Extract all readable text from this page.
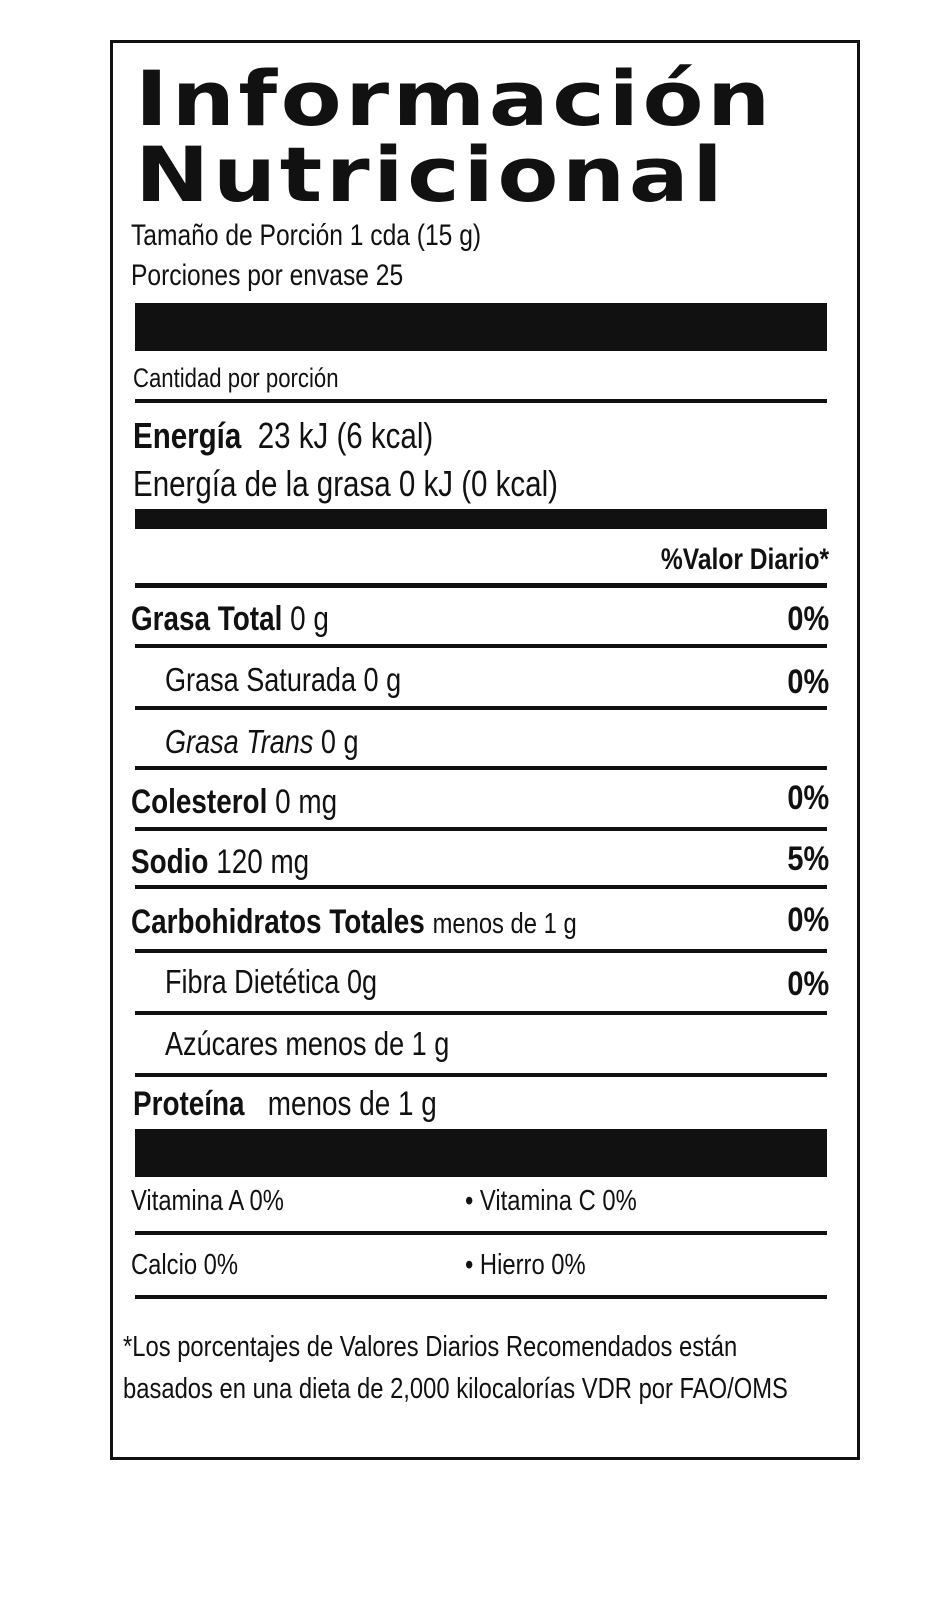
Información
Nutricional
Tamaño de Porción 1 cda (15 g)
Porciones por envase 25
Cantidad por porción
Energía 23 kJ (6 kcal)
Energía de la grasa 0 kJ (0 kcal)
%Valor Diario*
Grasa Total 0 g	0%
Grasa Saturada 0 g	0%
Grasa Trans 0 g
Colesterol 0 mg	0%
Sodio 120 mg	5%
Carbohidratos Totales menos de 1 g	0%
Fibra Dietética 0g	0%
Azúcares menos de 1 g
Proteína menos de 1 g
Vitamina A 0%	• Vitamina C 0%
Calcio 0%	• Hierro 0%
*Los porcentajes de Valores Diarios Recomendados están
basados en una dieta de 2,000 kilocalorías VDR por FAO/OMS
